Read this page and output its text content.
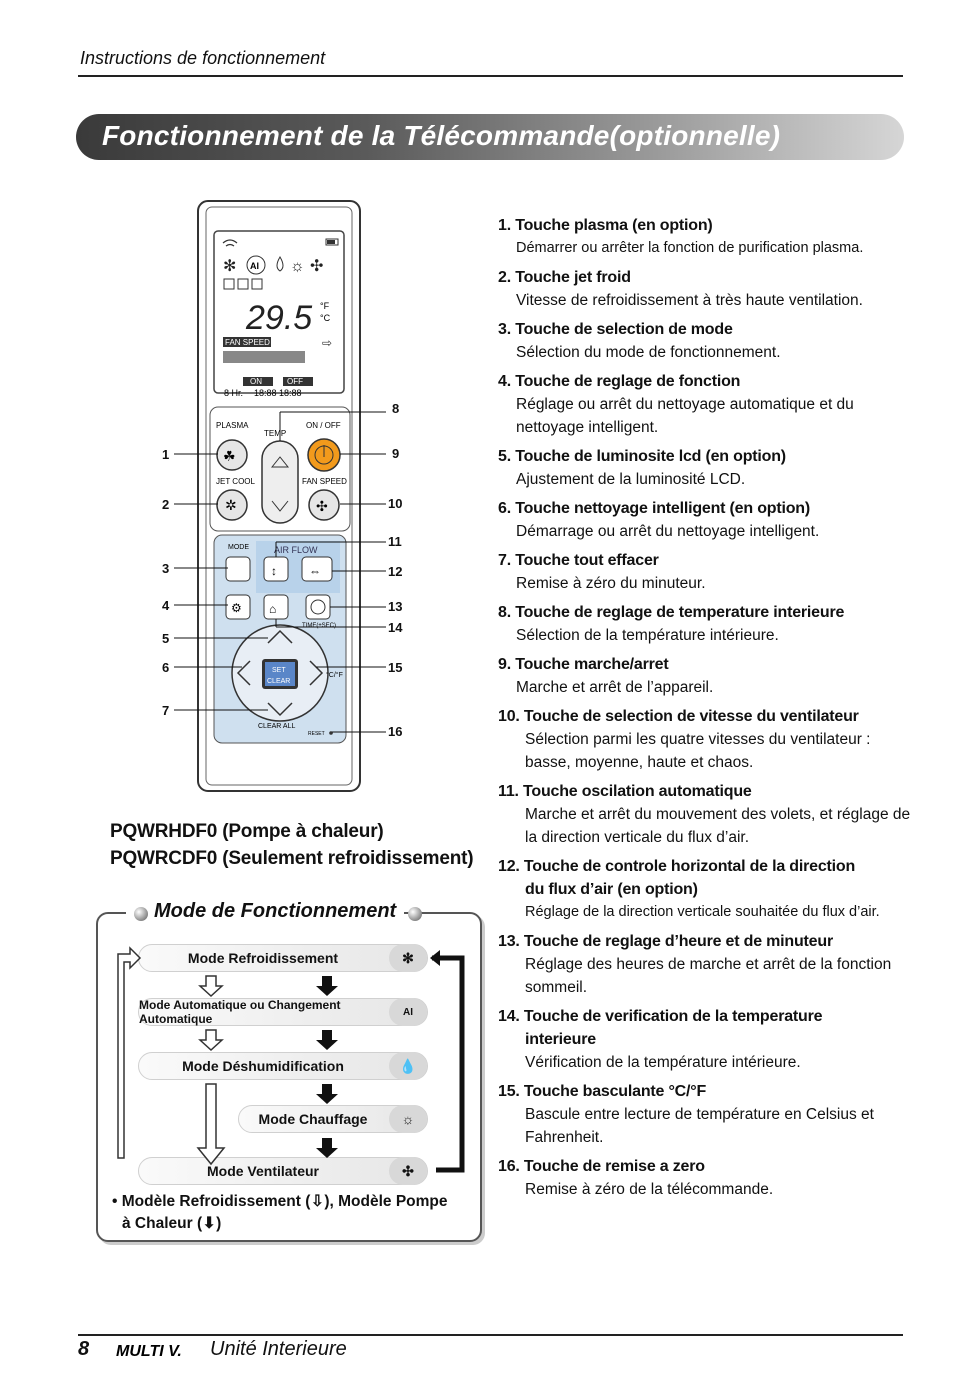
Instructions de fonctionnement
Fonctionnement de la Télécommande(optionnelle)
✻ AI ☼ ✣
29.5 °F
°C
FAN SPEED	⇨
ON	OFF
8 Hr. 18:88 18:88
PLASMA
TEMP
ON / OFF
☘
JET COOL	FAN SPEED
✲	✣
MODE	AIR FLOW
↕	⇔
⚙ ⌂
TIME(±SEC)
SET
CLEAR
°C/°F
CLEAR ALL
RESET
1
2
3
4
5
6
7
8
9
10
11
12
13
14
15
16
PQWRHDF0 (Pompe à chaleur)
PQWRCDF0 (Seulement refroidissement)
Mode de Fonctionnement
Mode Refroidissement	✻
Mode Automatique ou Changement Automatique	AI
Mode Déshumidification	💧
Mode Chauffage	☼
Mode Ventilateur	✣
• Modèle Refroidissement (⇩), Modèle Pompe
à Chaleur (⬇)
1. Touche plasma (en option)
Démarrer ou arrêter la fonction de purification plasma.
2. Touche jet froid
Vitesse de refroidissement à très haute ventilation.
3. Touche de selection de mode
Sélection du mode de fonctionnement.
4. Touche de reglage de fonction
Réglage ou arrêt du nettoyage automatique et du nettoyage intelligent.
5. Touche de luminosite lcd (en option)
Ajustement de la luminosité LCD.
6. Touche nettoyage intelligent (en option)
Démarrage ou arrêt du nettoyage intelligent.
7. Touche tout effacer
Remise à zéro du minuteur.
8. Touche de reglage de temperature interieure
Sélection de la température intérieure.
9. Touche marche/arret
Marche et arrêt de l’appareil.
10. Touche de selection de vitesse du ventilateur
Sélection parmi les quatre vitesses du ventilateur : basse, moyenne, haute et chaos.
11. Touche oscilation automatique
Marche et arrêt du mouvement des volets, et réglage de la direction verticale du flux d’air.
12. Touche de controle horizontal de la direction
du flux d’air (en option)
Réglage de la direction verticale souhaitée du flux d’air.
13. Touche de reglage d’heure et de minuteur
Réglage des heures de marche et arrêt de la fonction sommeil.
14. Touche de verification de la temperature
interieure
Vérification de la température intérieure.
15. Touche basculante °C/°F
Bascule entre lecture de température en Celsius et Fahrenheit.
16. Touche de remise a zero
Remise à zéro de la télécommande.
8 MULTI V. Unité Interieure
